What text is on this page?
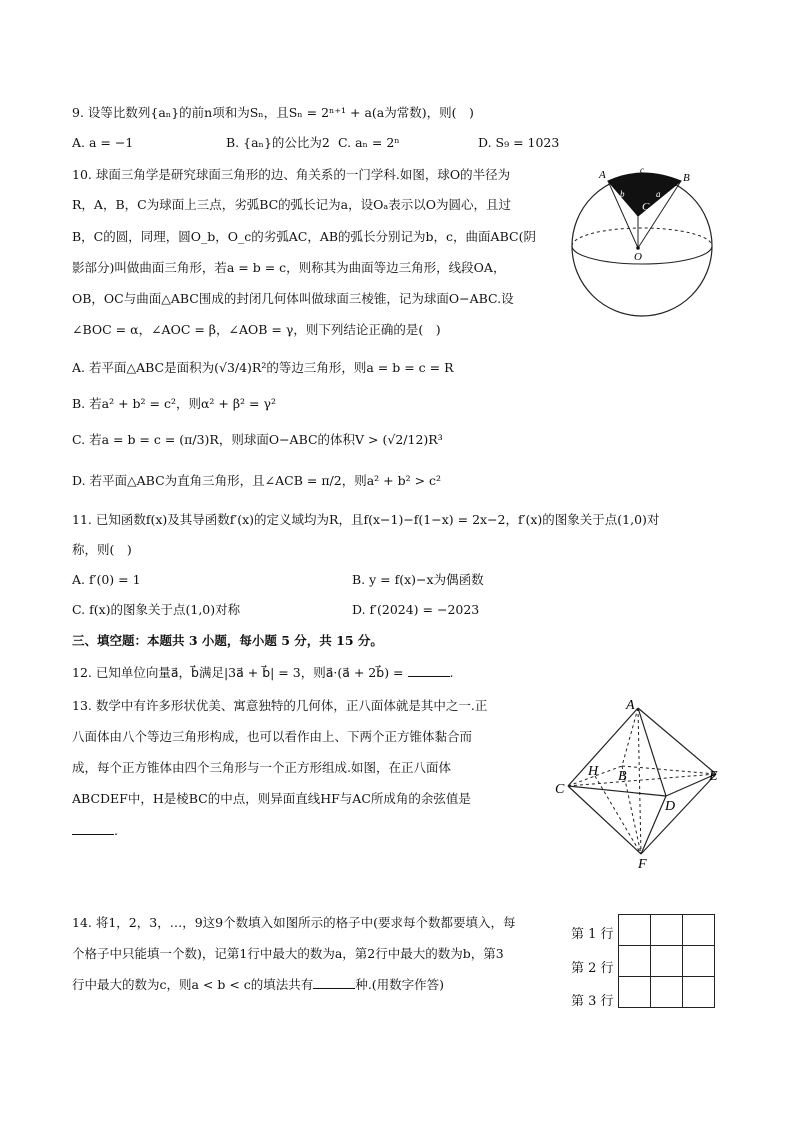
9. 设等比数列{aₙ}的前n项和为Sₙ，且Sₙ = 2ⁿ⁺¹ + a(a为常数)，则(　)
A. a = −1	B. {aₙ}的公比为2 C. aₙ = 2ⁿ	D. S₉ = 1023
10. 球面三角学是研究球面三角形的边、角关系的一门学科.如图，球O的半径为
R，A，B，C为球面上三点，劣弧BC的弧长记为a，设Oₐ表示以O为圆心，且过
B，C的圆，同理，圆O_b，O_c的劣弧AC，AB的弧长分别记为b，c，曲面ABC(阴
影部分)叫做曲面三角形，若a = b = c，则称其为曲面等边三角形，线段OA，
OB，OC与曲面△ABC围成的封闭几何体叫做球面三棱锥，记为球面O−ABC.设
∠BOC = α，∠AOC = β，∠AOB = γ，则下列结论正确的是(　)
A. 若平面△ABC是面积为(√3/4)R²的等边三角形，则a = b = c = R
B. 若a² + b² = c²，则α² + β² = γ²
C. 若a = b = c = (π/3)R，则球面O−ABC的体积V > (√2/12)R³
D. 若平面△ABC为直角三角形，且∠ACB = π/2，则a² + b² > c²
A	B
C
O
c
b	a
11. 已知函数f(x)及其导函数f′(x)的定义域均为R，且f(x−1)−f(1−x) = 2x−2，f′(x)的图象关于点(1,0)对
称，则(　)
A. f′(0) = 1	B. y = f(x)−x为偶函数
C. f(x)的图象关于点(1,0)对称	D. f′(2024) = −2023
三、填空题：本题共 3 小题，每小题 5 分，共 15 分。
12. 已知单位向量a⃗，b⃗满足|3a⃗ + b⃗| = 3，则a⃗·(a⃗ + 2b⃗) =	.
13. 数学中有许多形状优美、寓意独特的几何体，正八面体就是其中之一.正
八面体由八个等边三角形构成，也可以看作由上、下两个正方锥体黏合而
成，每个正方锥体由四个三角形与一个正方形组成.如图，在正八面体
ABCDEF中，H是棱BC的中点，则异面直线HF与AC所成角的余弦值是
.
A
B
C
D
E
F
H
14. 将1，2，3，…，9这9个数填入如图所示的格子中(要求每个数都要填入，每
个格子中只能填一个数)，记第1行中最大的数为a，第2行中最大的数为b，第3
行中最大的数为c，则a < b < c的填法共有	种.(用数字作答)
第 1 行
第 2 行
第 3 行
